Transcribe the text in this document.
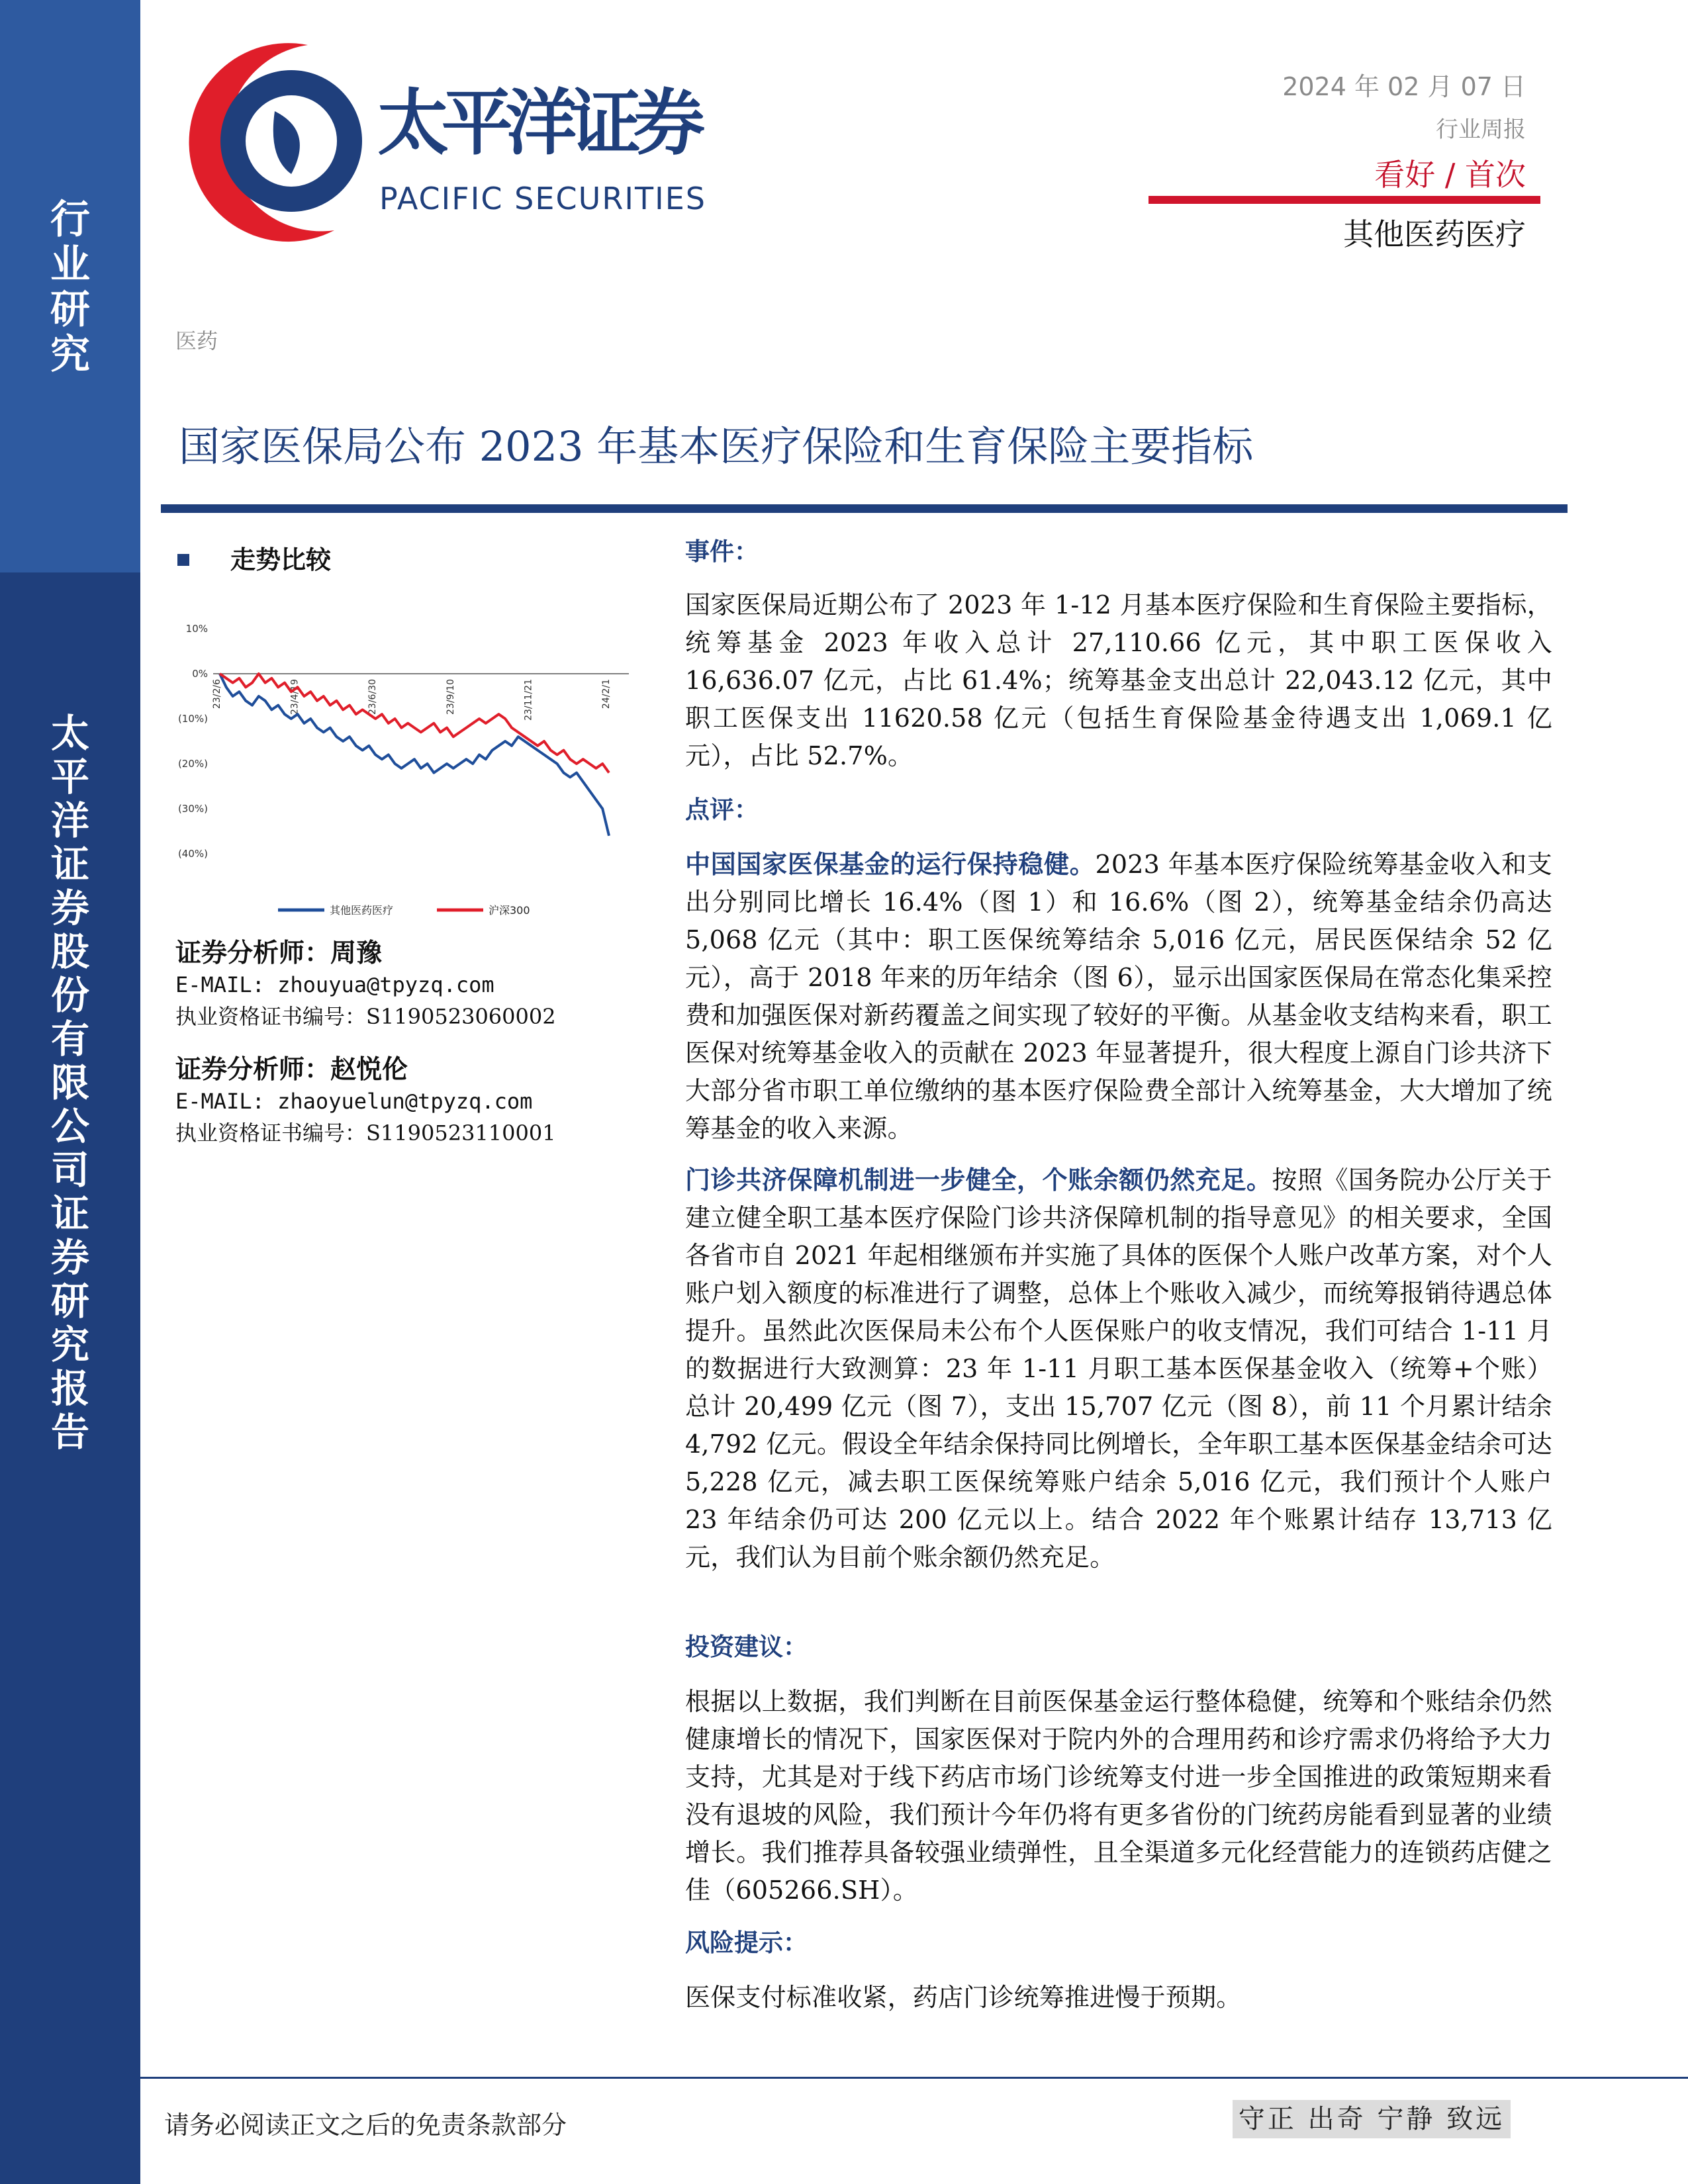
行
业
研
究
太
平
洋
证
券
股
份
有
限
公
司
证
券
研
究
报
告
太平洋证券
PACIFIC SECURITIES
2024 年 02 月 07 日
行业周报
看好 / 首次
其他医药医疗
医药
国家医保局公布 2023 年基本医疗保险和生育保险主要指标
走势比较
10%
0%
(10%)
(20%)
(30%)
(40%)
23/2/6	23/4/19	23/6/30	23/9/10	23/11/21	24/2/1
其他医药医疗	沪深300
证券分析师：周豫
E-MAIL: zhouyua@tpyzq.com
执业资格证书编号：S1190523060002
证券分析师：赵悦伦
E-MAIL: zhaoyuelun@tpyzq.com
执业资格证书编号：S1190523110001
事件：
国家医保局近期公布了 2023 年 1-12 月基本医疗保险和生育保险主要指标，统筹基金 2023 年收入总计 27,110.66 亿元，其中职工医保收入 16,636.07 亿元，占比 61.4%；统筹基金支出总计 22,043.12 亿元，其中职工医保支出 11620.58 亿元（包括生育保险基金待遇支出 1,069.1 亿元），占比 52.7%。
点评：
中国国家医保基金的运行保持稳健。2023 年基本医疗保险统筹基金收入和支出分别同比增长 16.4%（图 1）和 16.6%（图 2），统筹基金结余仍高达 5,068 亿元（其中：职工医保统筹结余 5,016 亿元，居民医保结余 52 亿元），高于 2018 年来的历年结余（图 6），显示出国家医保局在常态化集采控费和加强医保对新药覆盖之间实现了较好的平衡。从基金收支结构来看，职工医保对统筹基金收入的贡献在 2023 年显著提升，很大程度上源自门诊共济下大部分省市职工单位缴纳的基本医疗保险费全部计入统筹基金，大大增加了统筹基金的收入来源。
门诊共济保障机制进一步健全，个账余额仍然充足。按照《国务院办公厅关于建立健全职工基本医疗保险门诊共济保障机制的指导意见》的相关要求，全国各省市自 2021 年起相继颁布并实施了具体的医保个人账户改革方案，对个人账户划入额度的标准进行了调整，总体上个账收入减少，而统筹报销待遇总体提升。虽然此次医保局未公布个人医保账户的收支情况，我们可结合 1-11 月的数据进行大致测算：23 年 1-11 月职工基本医保基金收入（统筹+个账）总计 20,499 亿元（图 7），支出 15,707 亿元（图 8），前 11 个月累计结余 4,792 亿元。假设全年结余保持同比例增长，全年职工基本医保基金结余可达 5,228 亿元，减去职工医保统筹账户结余 5,016 亿元，我们预计个人账户 23 年结余仍可达 200 亿元以上。结合 2022 年个账累计结存 13,713 亿元，我们认为目前个账余额仍然充足。
投资建议：
根据以上数据，我们判断在目前医保基金运行整体稳健，统筹和个账结余仍然健康增长的情况下，国家医保对于院内外的合理用药和诊疗需求仍将给予大力支持，尤其是对于线下药店市场门诊统筹支付进一步全国推进的政策短期来看没有退坡的风险，我们预计今年仍将有更多省份的门统药房能看到显著的业绩增长。我们推荐具备较强业绩弹性，且全渠道多元化经营能力的连锁药店健之佳（605266.SH）。
风险提示：
医保支付标准收紧，药店门诊统筹推进慢于预期。
请务必阅读正文之后的免责条款部分	守正 出奇 宁静 致远
